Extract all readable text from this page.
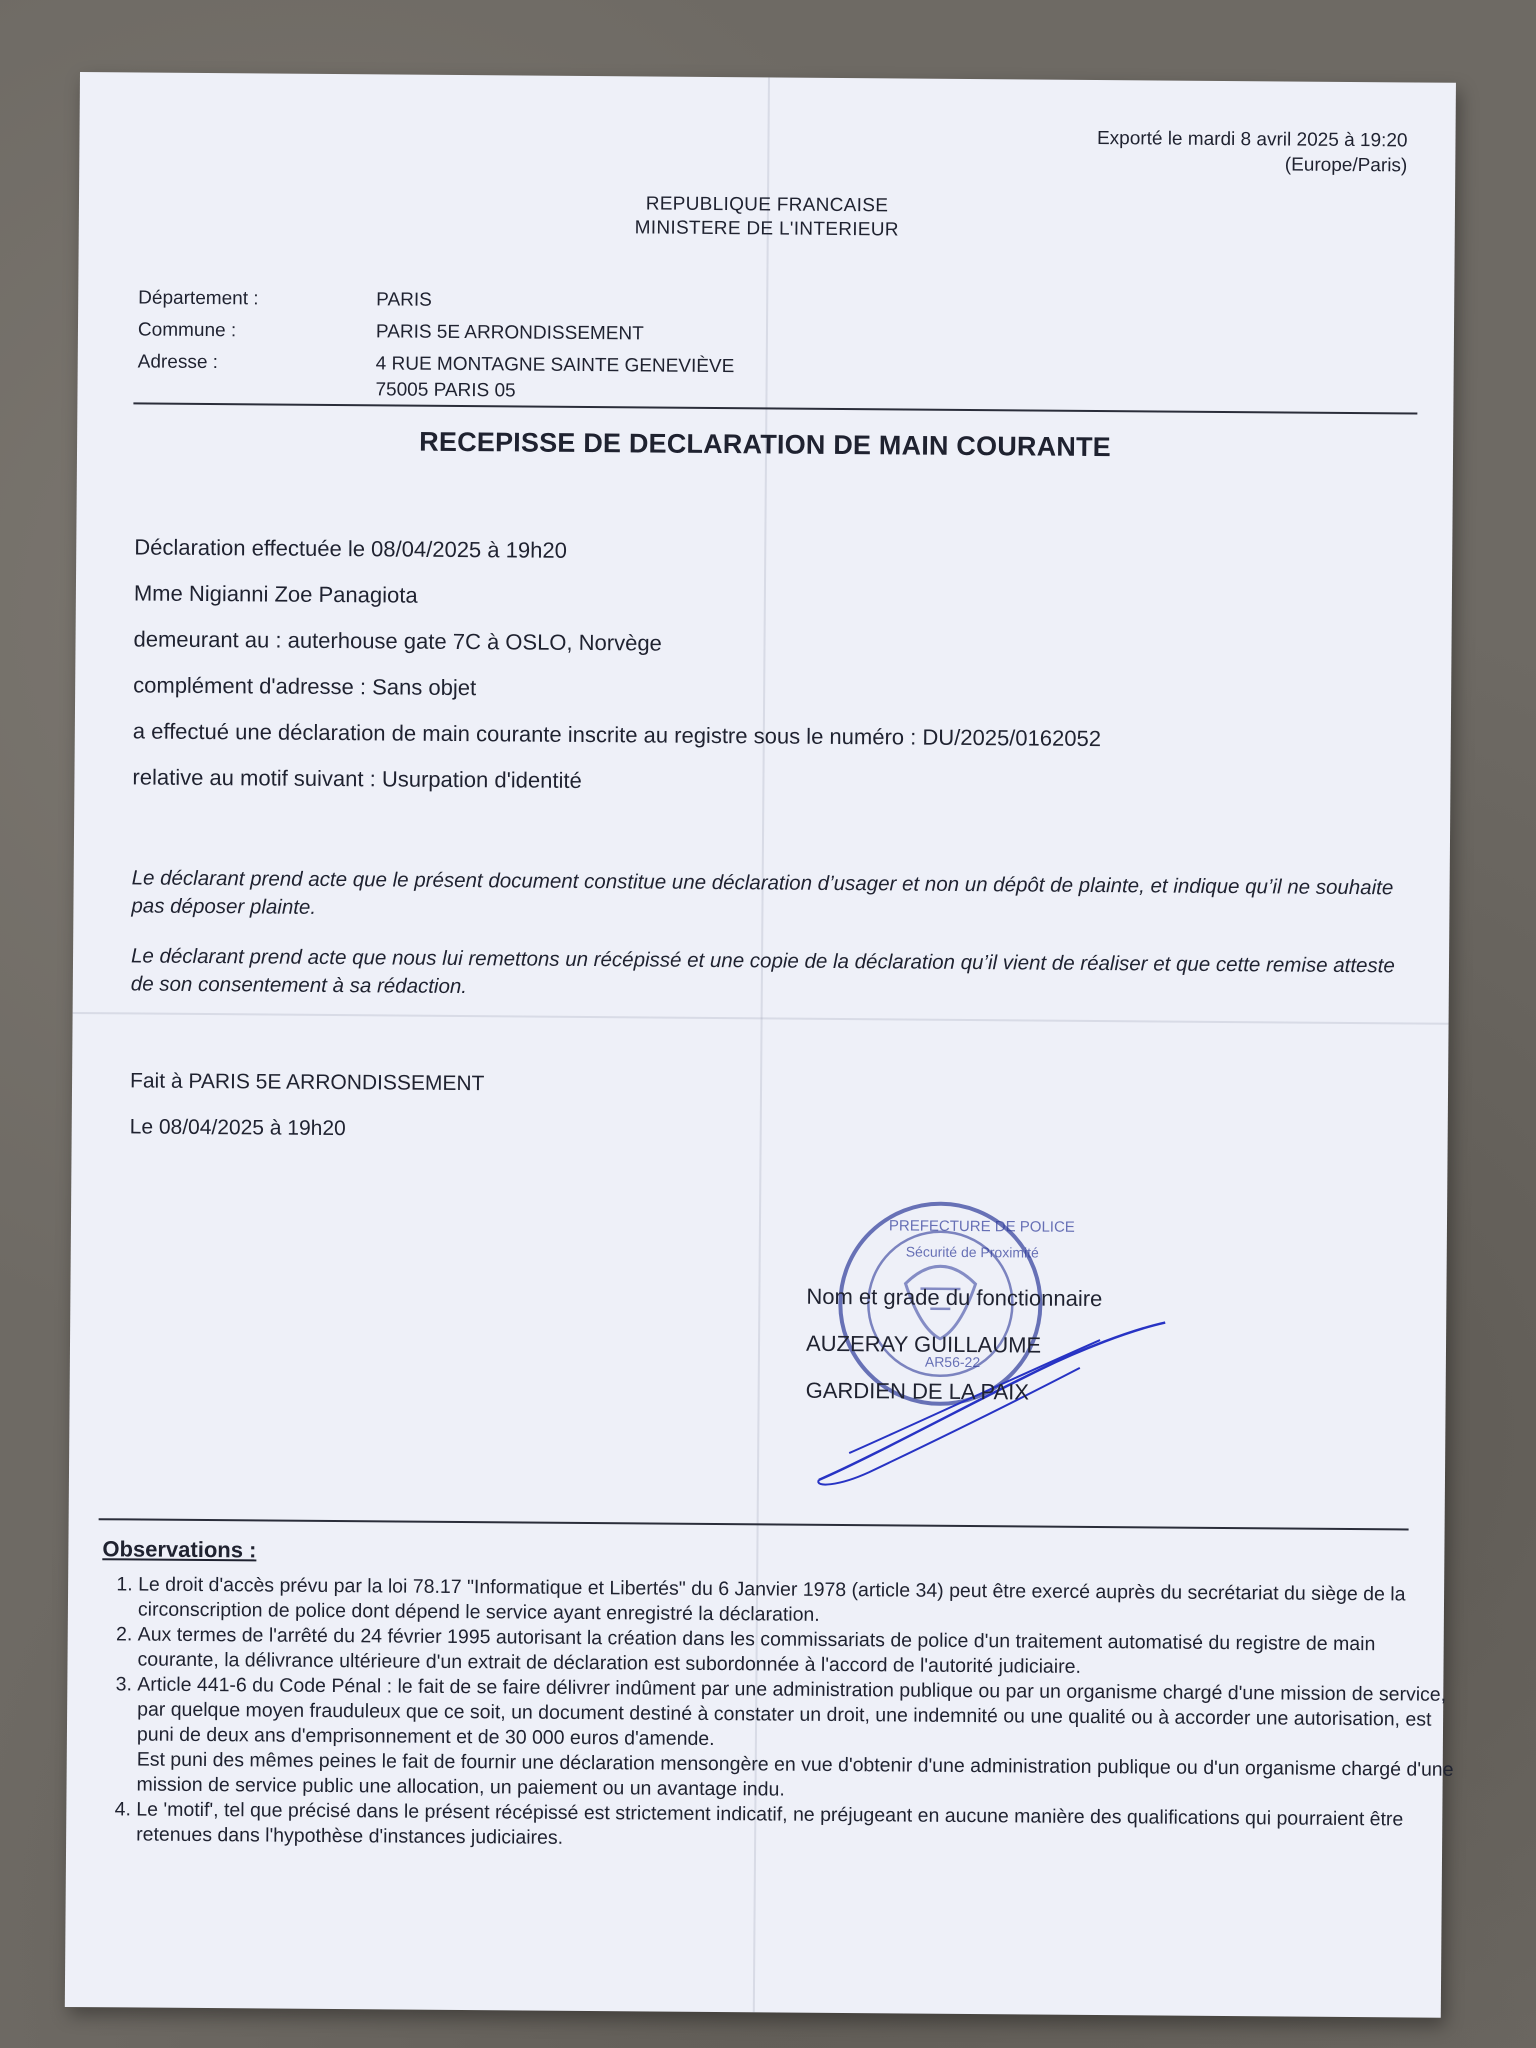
Exporté le mardi 8 avril 2025 à 19:20
(Europe/Paris)
REPUBLIQUE FRANCAISE
MINISTERE DE L'INTERIEUR
Département :	PARIS
Commune :	PARIS 5E ARRONDISSEMENT
Adresse :	4 RUE MONTAGNE SAINTE GENEVIÈVE
75005 PARIS 05
RECEPISSE DE DECLARATION DE MAIN COURANTE
Déclaration effectuée le 08/04/2025 à 19h20
Mme Nigianni Zoe Panagiota
demeurant au : auterhouse gate 7C à OSLO, Norvège
complément d'adresse : Sans objet
a effectué une déclaration de main courante inscrite au registre sous le numéro : DU/2025/0162052
relative au motif suivant : Usurpation d'identité
Le déclarant prend acte que le présent document constitue une déclaration d’usager et non un dépôt de plainte, et indique qu’il ne souhaite pas déposer plainte.
Le déclarant prend acte que nous lui remettons un récépissé et une copie de la déclaration qu’il vient de réaliser et que cette remise atteste de son consentement à sa rédaction.
Fait à PARIS 5E ARRONDISSEMENT
Le 08/04/2025 à 19h20
PREFECTURE DE POLICE
Sécurité de Proximité
AR56-22
Nom et grade du fonctionnaire
AUZERAY GUILLAUME
GARDIEN DE LA PAIX
Observations :
1. Le droit d'accès prévu par la loi 78.17 "Informatique et Libertés" du 6 Janvier 1978 (article 34) peut être exercé auprès du secrétariat du siège de la circonscription de police dont dépend le service ayant enregistré la déclaration.
2. Aux termes de l'arrêté du 24 février 1995 autorisant la création dans les commissariats de police d'un traitement automatisé du registre de main courante, la délivrance ultérieure d'un extrait de déclaration est subordonnée à l'accord de l'autorité judiciaire.
3. Article 441-6 du Code Pénal : le fait de se faire délivrer indûment par une administration publique ou par un organisme chargé d'une mission de service, par quelque moyen frauduleux que ce soit, un document destiné à constater un droit, une indemnité ou une qualité ou à accorder une autorisation, est puni de deux ans d'emprisonnement et de 30 000 euros d'amende.
Est puni des mêmes peines le fait de fournir une déclaration mensongère en vue d'obtenir d'une administration publique ou d'un organisme chargé d'une mission de service public une allocation, un paiement ou un avantage indu.
4. Le 'motif', tel que précisé dans le présent récépissé est strictement indicatif, ne préjugeant en aucune manière des qualifications qui pourraient être retenues dans l'hypothèse d'instances judiciaires.
